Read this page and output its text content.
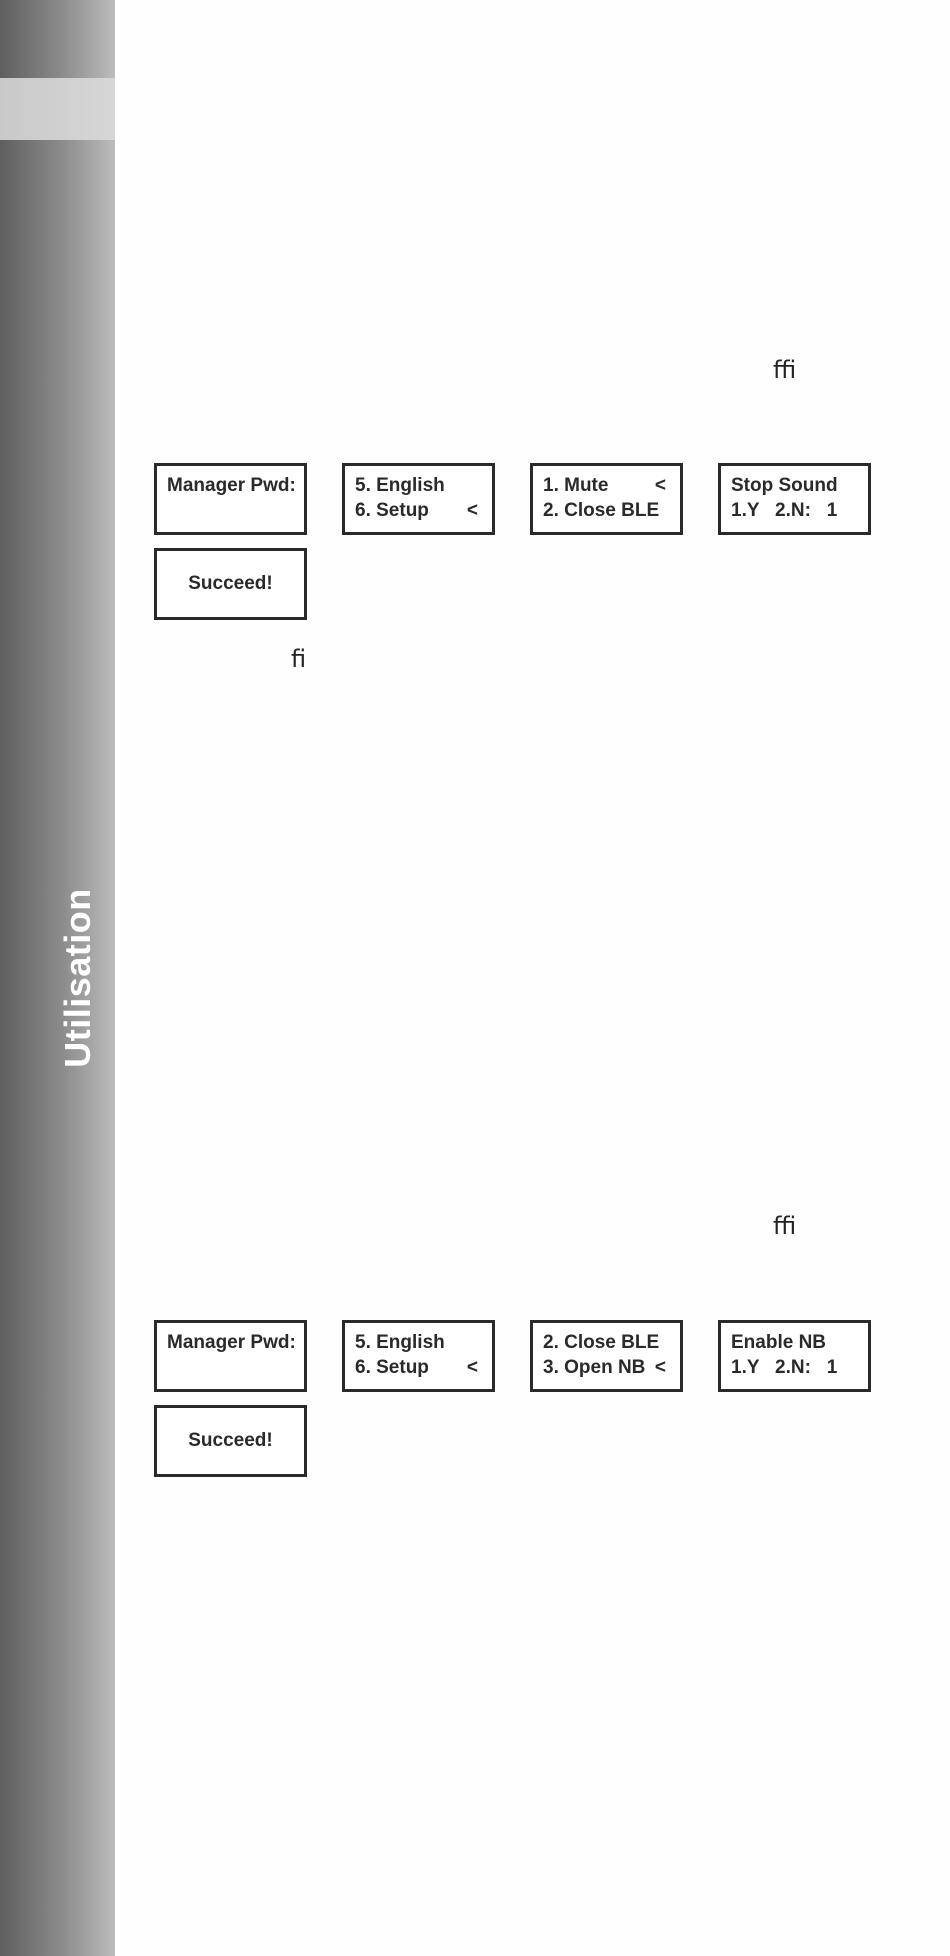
Utilisation
ﬃ
ﬁ
ﬃ
Manager Pwd:	5. English
6. Setup	<
1. Mute
2. Close BLE
<	Stop Sound
1.Y   2.N:   1
Succeed!
Manager Pwd:	5. English
6. Setup	<
2. Close BLE
3. Open NB <
Enable NB
1.Y   2.N:   1
Succeed!
